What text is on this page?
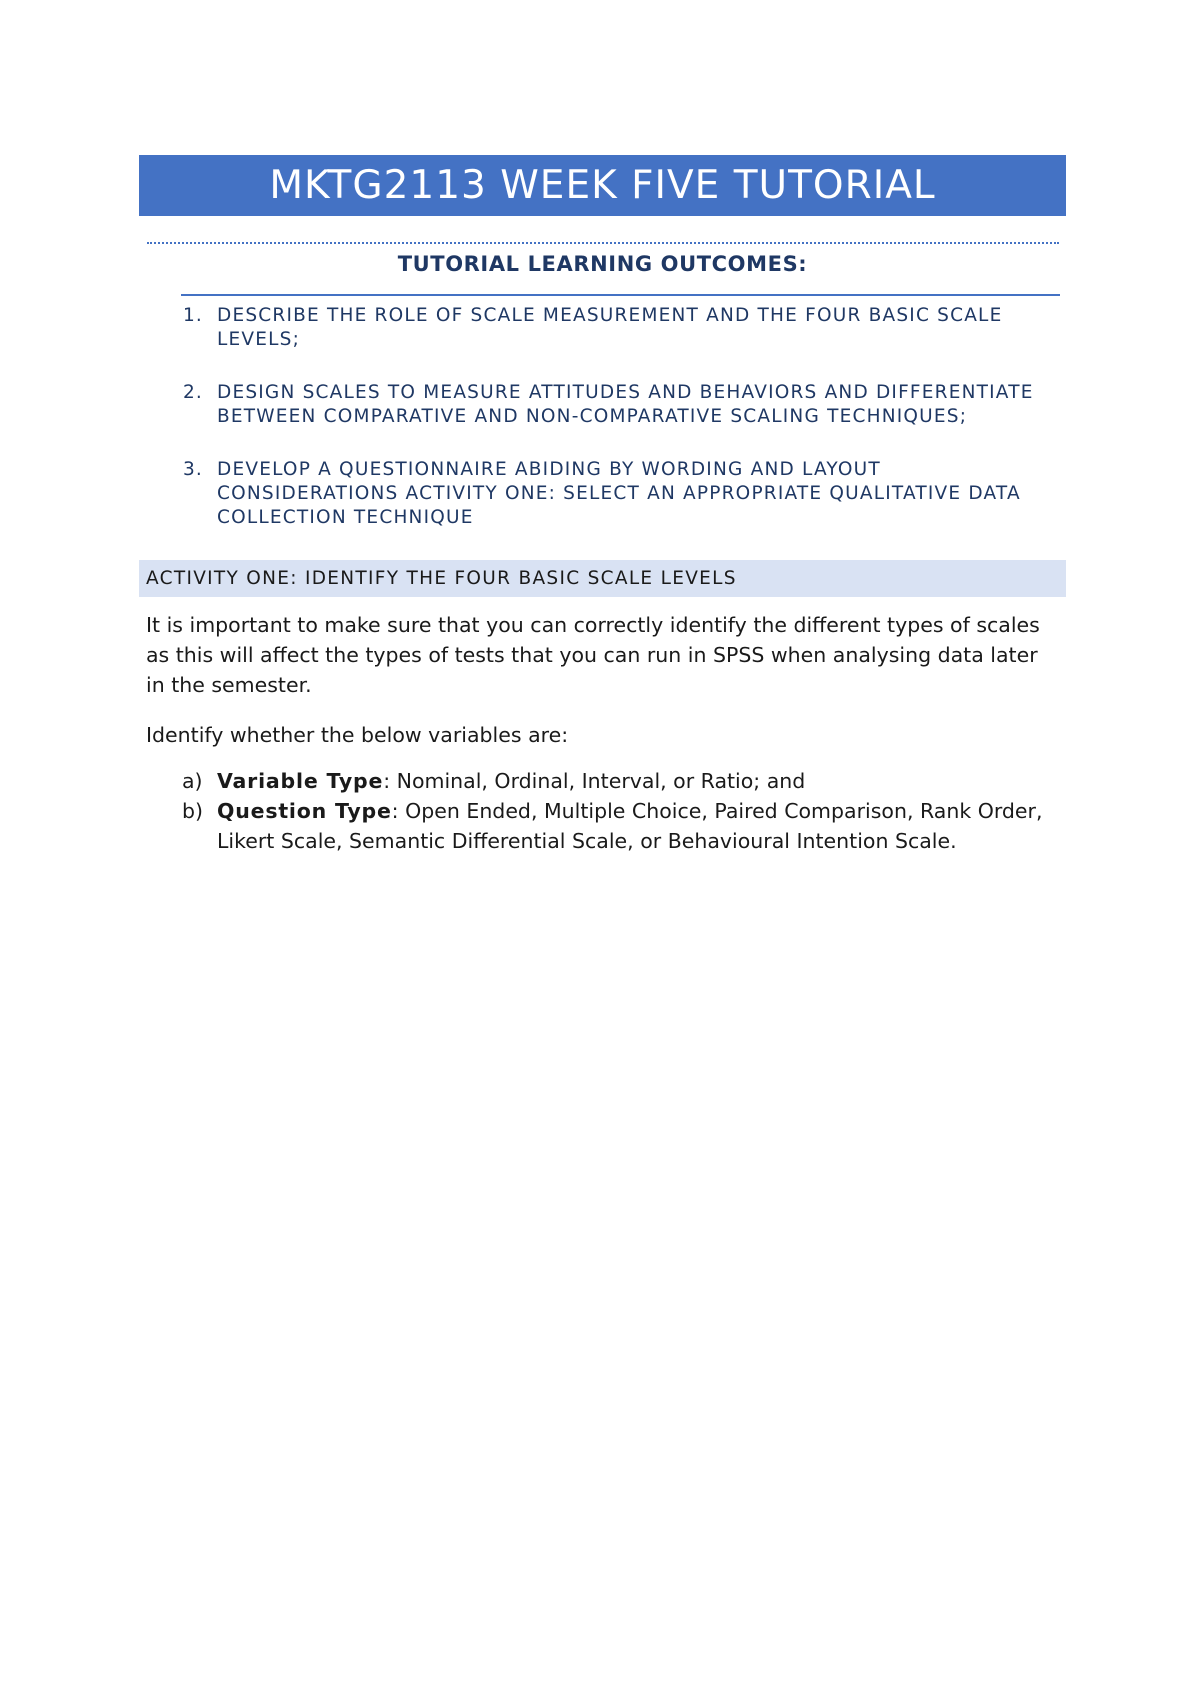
MKTG2113 WEEK FIVE TUTORIAL
TUTORIAL LEARNING OUTCOMES:
1. DESCRIBE THE ROLE OF SCALE MEASUREMENT AND THE FOUR BASIC SCALE LEVELS;
2. DESIGN SCALES TO MEASURE ATTITUDES AND BEHAVIORS AND DIFFERENTIATE BETWEEN COMPARATIVE AND NON-COMPARATIVE SCALING TECHNIQUES;
3. DEVELOP A QUESTIONNAIRE ABIDING BY WORDING AND LAYOUT CONSIDERATIONS ACTIVITY ONE: SELECT AN APPROPRIATE QUALITATIVE DATA COLLECTION TECHNIQUE
ACTIVITY ONE: IDENTIFY THE FOUR BASIC SCALE LEVELS

It is important to make sure that you can correctly identify the different types of scales as this will affect the types of tests that you can run in SPSS when analysing data later in the semester.

Identify whether the below variables are:

a) Variable Type: Nominal, Ordinal, Interval, or Ratio; and
b) Question Type: Open Ended, Multiple Choice, Paired Comparison, Rank Order, Likert Scale, Semantic Differential Scale, or Behavioural Intention Scale.
